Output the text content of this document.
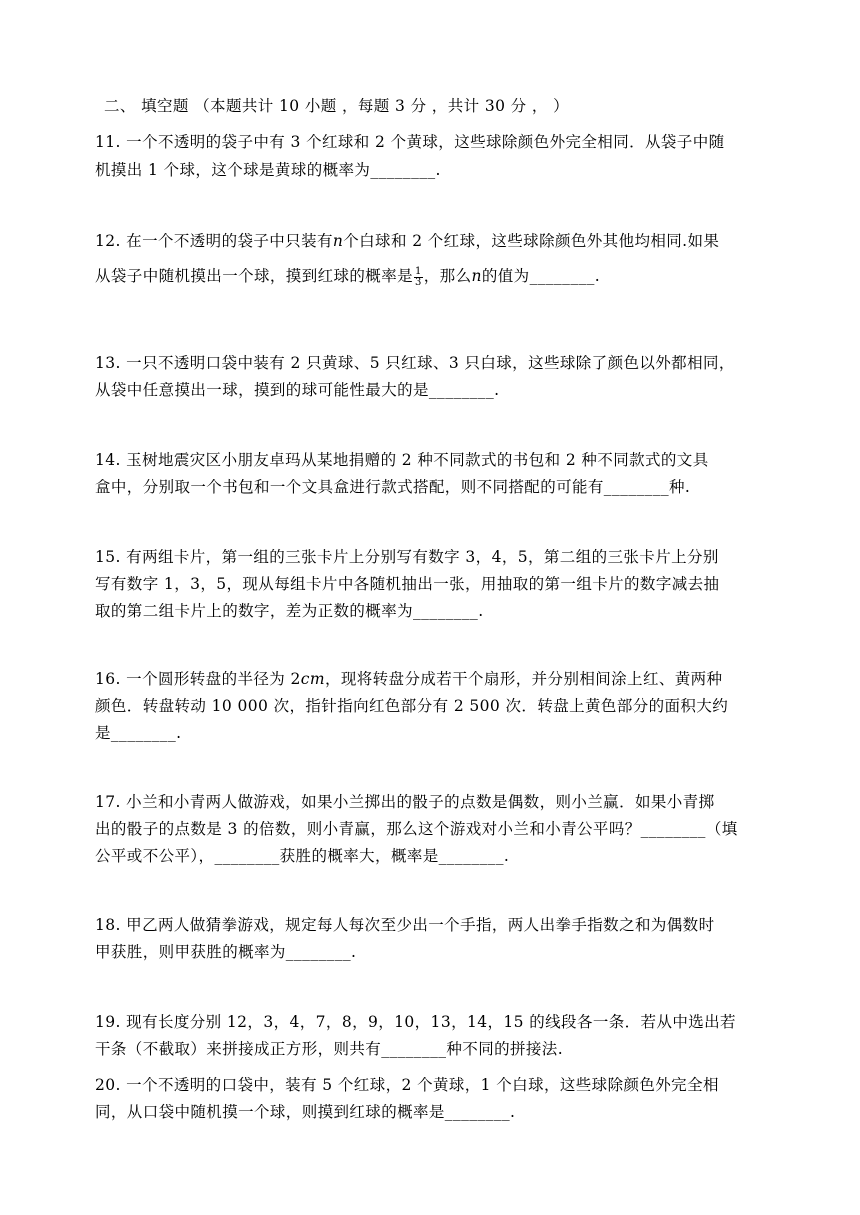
二、 填空题 （本题共计 10 小题 ，每题 3 分 ，共计 30 分 ， ）
11. 一个不透明的袋子中有 3 个红球和 2 个黄球，这些球除颜色外完全相同．从袋子中随
机摸出 1 个球，这个球是黄球的概率为________.
12. 在一个不透明的袋子中只装有𝑛个白球和 2 个红球，这些球除颜色外其他均相同.如果
从袋子中随机摸出一个球，摸到红球的概率是 $\frac{1}{3}$ ，那么𝑛的值为________.
13. 一只不透明口袋中装有 2 只黄球、5 只红球、3 只白球，这些球除了颜色以外都相同，
从袋中任意摸出一球，摸到的球可能性最大的是________.
14. 玉树地震灾区小朋友卓玛从某地捐赠的 2 种不同款式的书包和 2 种不同款式的文具
盒中，分别取一个书包和一个文具盒进行款式搭配，则不同搭配的可能有________种.
15. 有两组卡片，第一组的三张卡片上分别写有数字 3，4，5，第二组的三张卡片上分别
写有数字 1，3，5，现从每组卡片中各随机抽出一张，用抽取的第一组卡片的数字减去抽
取的第二组卡片上的数字，差为正数的概率为________.
16. 一个圆形转盘的半径为 2𝑐𝑚，现将转盘分成若干个扇形，并分别相间涂上红、黄两种
颜色．转盘转动 10 000 次，指针指向红色部分有 2 500 次．转盘上黄色部分的面积大约
是________.
17. 小兰和小青两人做游戏，如果小兰掷出的骰子的点数是偶数，则小兰赢．如果小青掷
出的骰子的点数是 3 的倍数，则小青赢，那么这个游戏对小兰和小青公平吗？________（填
公平或不公平），________获胜的概率大，概率是________.
18. 甲乙两人做猜拳游戏，规定每人每次至少出一个手指，两人出拳手指数之和为偶数时
甲获胜，则甲获胜的概率为________.
19. 现有长度分别 12，3，4，7，8，9，10，13，14，15 的线段各一条．若从中选出若
干条（不截取）来拼接成正方形，则共有________种不同的拼接法.
20. 一个不透明的口袋中，装有 5 个红球，2 个黄球，1 个白球，这些球除颜色外完全相
同，从口袋中随机摸一个球，则摸到红球的概率是________.
